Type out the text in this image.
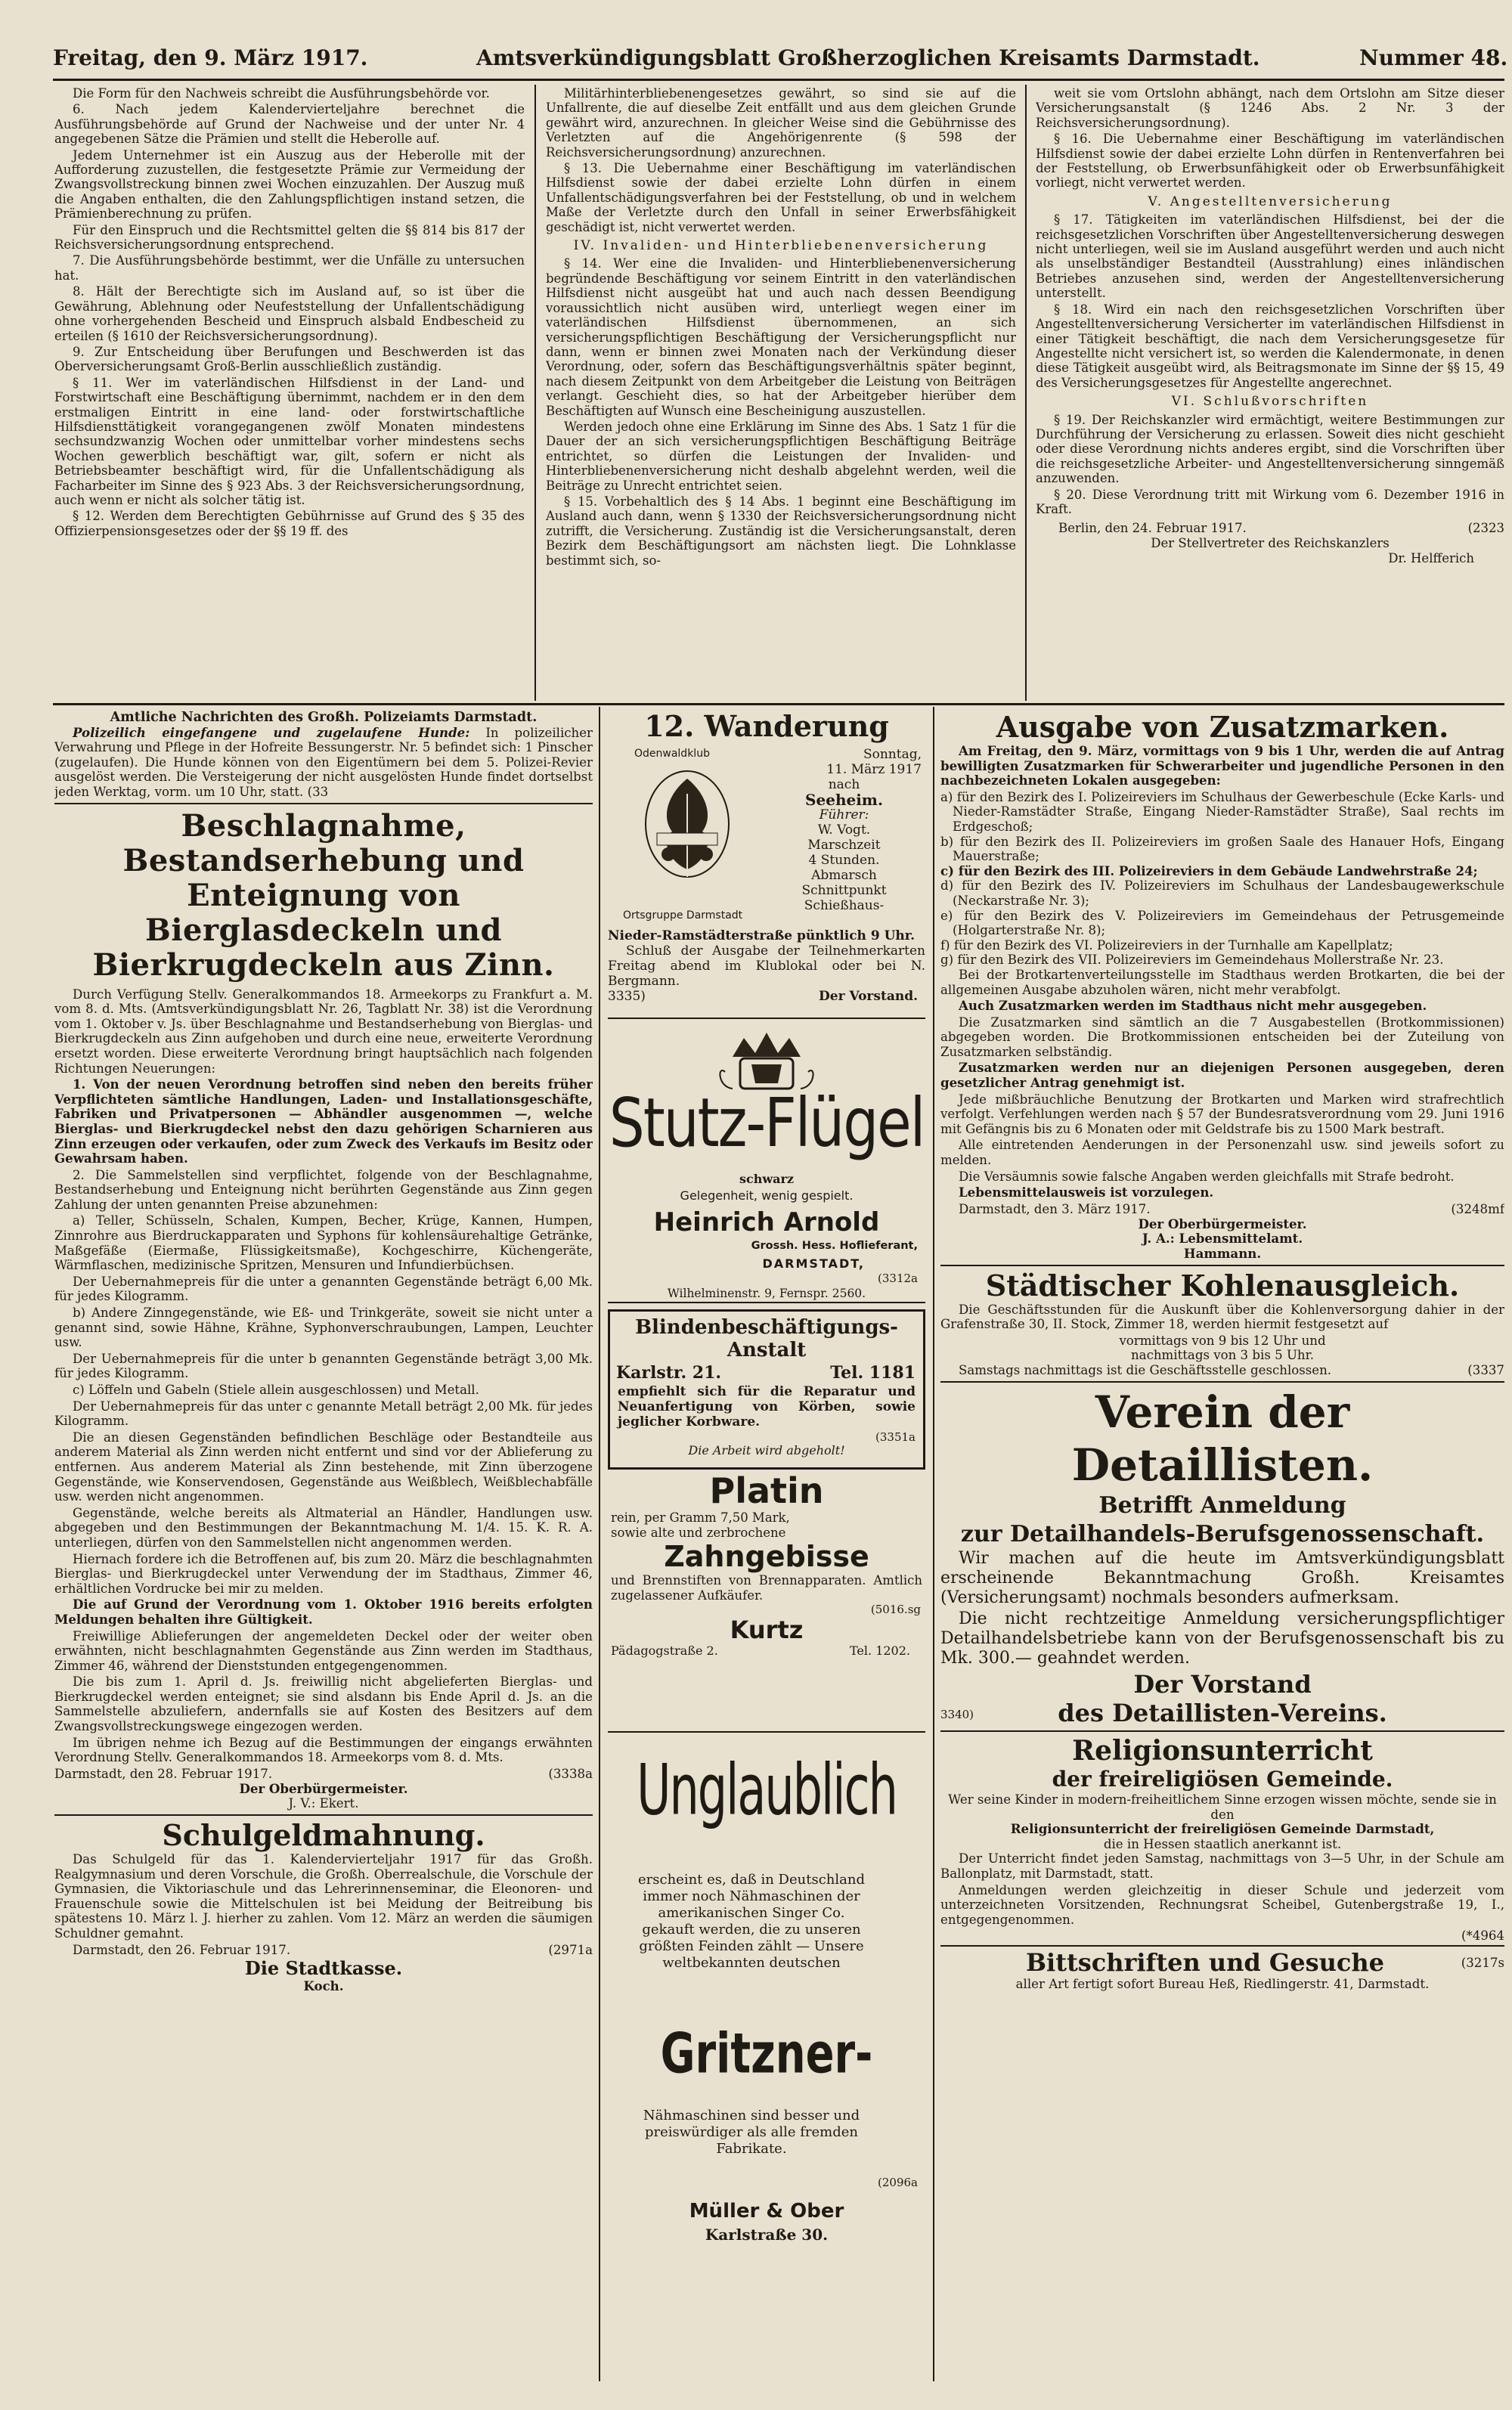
Freitag, den 9. März 1917.	Amtsverkündigungsblatt Großherzoglichen Kreisamts Darmstadt.	Nummer 48.

Die Form für den Nachweis schreibt die Ausführungsbehörde vor.

6. Nach jedem Kalendervierteljahre berechnet die Ausführungsbehörde auf Grund der Nachweise und der unter Nr. 4 angegebenen Sätze die Prämien und stellt die Heberolle auf.

Jedem Unternehmer ist ein Auszug aus der Heberolle mit der Aufforderung zuzustellen, die festgesetzte Prämie zur Vermeidung der Zwangsvollstreckung binnen zwei Wochen einzuzahlen. Der Auszug muß die Angaben enthalten, die den Zahlungspflichtigen instand setzen, die Prämienberechnung zu prüfen.

Für den Einspruch und die Rechtsmittel gelten die §§ 814 bis 817 der Reichsversicherungsordnung entsprechend.

7. Die Ausführungsbehörde bestimmt, wer die Unfälle zu untersuchen hat.

8. Hält der Berechtigte sich im Ausland auf, so ist über die Gewährung, Ablehnung oder Neufeststellung der Unfallentschädigung ohne vorhergehenden Bescheid und Einspruch alsbald Endbescheid zu erteilen (§ 1610 der Reichsversicherungsordnung).

9. Zur Entscheidung über Berufungen und Beschwerden ist das Oberversicherungsamt Groß-Berlin ausschließlich zuständig.

§ 11. Wer im vaterländischen Hilfsdienst in der Land- und Forstwirtschaft eine Beschäftigung übernimmt, nachdem er in den dem erstmaligen Eintritt in eine land- oder forstwirtschaftliche Hilfsdiensttätigkeit vorangegangenen zwölf Monaten mindestens sechsundzwanzig Wochen oder unmittelbar vorher mindestens sechs Wochen gewerblich beschäftigt war, gilt, sofern er nicht als Betriebsbeamter beschäftigt wird, für die Unfallentschädigung als Facharbeiter im Sinne des § 923 Abs. 3 der Reichsversicherungsordnung, auch wenn er nicht als solcher tätig ist.

§ 12. Werden dem Berechtigten Gebührnisse auf Grund des § 35 des Offizierpensionsgesetzes oder der §§ 19 ff. des

Militärhinterbliebenengesetzes gewährt, so sind sie auf die Unfallrente, die auf dieselbe Zeit entfällt und aus dem gleichen Grunde gewährt wird, anzurechnen. In gleicher Weise sind die Gebührnisse des Verletzten auf die Angehörigenrente (§ 598 der Reichsversicherungsordnung) anzurechnen.

§ 13. Die Uebernahme einer Beschäftigung im vaterländischen Hilfsdienst sowie der dabei erzielte Lohn dürfen in einem Unfallentschädigungsverfahren bei der Feststellung, ob und in welchem Maße der Verletzte durch den Unfall in seiner Erwerbsfähigkeit geschädigt ist, nicht verwertet werden.

IV. Invaliden- und Hinterbliebenenversicherung

§ 14. Wer eine die Invaliden- und Hinterbliebenenversicherung begründende Beschäftigung vor seinem Eintritt in den vaterländischen Hilfsdienst nicht ausgeübt hat und auch nach dessen Beendigung voraussichtlich nicht ausüben wird, unterliegt wegen einer im vaterländischen Hilfsdienst übernommenen, an sich versicherungspflichtigen Beschäftigung der Versicherungspflicht nur dann, wenn er binnen zwei Monaten nach der Verkündung dieser Verordnung, oder, sofern das Beschäftigungsverhältnis später beginnt, nach diesem Zeitpunkt von dem Arbeitgeber die Leistung von Beiträgen verlangt. Geschieht dies, so hat der Arbeitgeber hierüber dem Beschäftigten auf Wunsch eine Bescheinigung auszustellen.

Werden jedoch ohne eine Erklärung im Sinne des Abs. 1 Satz 1 für die Dauer der an sich versicherungspflichtigen Beschäftigung Beiträge entrichtet, so dürfen die Leistungen der Invaliden- und Hinterbliebenenversicherung nicht deshalb abgelehnt werden, weil die Beiträge zu Unrecht entrichtet seien.

§ 15. Vorbehaltlich des § 14 Abs. 1 beginnt eine Beschäftigung im Ausland auch dann, wenn § 1330 der Reichsversicherungsordnung nicht zutrifft, die Versicherung. Zuständig ist die Versicherungsanstalt, deren Bezirk dem Beschäftigungsort am nächsten liegt. Die Lohnklasse bestimmt sich, so-

weit sie vom Ortslohn abhängt, nach dem Ortslohn am Sitze dieser Versicherungsanstalt (§ 1246 Abs. 2 Nr. 3 der Reichsversicherungsordnung).

§ 16. Die Uebernahme einer Beschäftigung im vaterländischen Hilfsdienst sowie der dabei erzielte Lohn dürfen in Rentenverfahren bei der Feststellung, ob Erwerbsunfähigkeit oder ob Erwerbsunfähigkeit vorliegt, nicht verwertet werden.

V. Angestelltenversicherung

§ 17. Tätigkeiten im vaterländischen Hilfsdienst, bei der die reichsgesetzlichen Vorschriften über Angestelltenversicherung deswegen nicht unterliegen, weil sie im Ausland ausgeführt werden und auch nicht als unselbständiger Bestandteil (Ausstrahlung) eines inländischen Betriebes anzusehen sind, werden der Angestelltenversicherung unterstellt.

§ 18. Wird ein nach den reichsgesetzlichen Vorschriften über Angestelltenversicherung Versicherter im vaterländischen Hilfsdienst in einer Tätigkeit beschäftigt, die nach dem Versicherungsgesetze für Angestellte nicht versichert ist, so werden die Kalendermonate, in denen diese Tätigkeit ausgeübt wird, als Beitragsmonate im Sinne der §§ 15, 49 des Versicherungsgesetzes für Angestellte angerechnet.

VI. Schlußvorschriften

§ 19. Der Reichskanzler wird ermächtigt, weitere Bestimmungen zur Durchführung der Versicherung zu erlassen. Soweit dies nicht geschieht oder diese Verordnung nichts anderes ergibt, sind die Vorschriften über die reichsgesetzliche Arbeiter- und Angestelltenversicherung sinngemäß anzuwenden.

§ 20. Diese Verordnung tritt mit Wirkung vom 6. Dezember 1916 in Kraft.

Berlin, den 24. Februar 1917.	(2323
Der Stellvertreter des Reichskanzlers
Dr. Helfferich
Amtliche Nachrichten des Großh. Polizeiamts Darmstadt.

Polizeilich eingefangene und zugelaufene Hunde: In polizeilicher Verwahrung und Pflege in der Hofreite Bessungerstr. Nr. 5 befindet sich: 1 Pinscher (zugelaufen). Die Hunde können von den Eigentümern bei dem 5. Polizei-Revier ausgelöst werden. Die Versteigerung der nicht ausgelösten Hunde findet dortselbst jeden Werktag, vorm. um 10 Uhr, statt. (33

Beschlagnahme, Bestandserhebung und Enteignung von Bierglasdeckeln und Bierkrugdeckeln aus Zinn.

Durch Verfügung Stellv. Generalkommandos 18. Armeekorps zu Frankfurt a. M. vom 8. d. Mts. (Amtsverkündigungsblatt Nr. 26, Tagblatt Nr. 38) ist die Verordnung vom 1. Oktober v. Js. über Beschlagnahme und Bestandserhebung von Bierglas- und Bierkrugdeckeln aus Zinn aufgehoben und durch eine neue, erweiterte Verordnung ersetzt worden. Diese erweiterte Verordnung bringt hauptsächlich nach folgenden Richtungen Neuerungen:

1. Von der neuen Verordnung betroffen sind neben den bereits früher Verpflichteten sämtliche Handlungen, Laden- und Installationsgeschäfte, Fabriken und Privatpersonen — Abhändler ausgenommen —, welche Bierglas- und Bierkrugdeckel nebst den dazu gehörigen Scharnieren aus Zinn erzeugen oder verkaufen, oder zum Zweck des Verkaufs im Besitz oder Gewahrsam haben.

2. Die Sammelstellen sind verpflichtet, folgende von der Beschlagnahme, Bestandserhebung und Enteignung nicht berührten Gegenstände aus Zinn gegen Zahlung der unten genannten Preise abzunehmen:

a) Teller, Schüsseln, Schalen, Kumpen, Becher, Krüge, Kannen, Humpen, Zinnrohre aus Bierdruckapparaten und Syphons für kohlensäurehaltige Getränke, Maßgefäße (Eiermaße, Flüssigkeitsmaße), Kochgeschirre, Küchengeräte, Wärmflaschen, medizinische Spritzen, Mensuren und Infundierbüchsen.

Der Uebernahmepreis für die unter a genannten Gegenstände beträgt 6,00 Mk. für jedes Kilogramm.

b) Andere Zinngegenstände, wie Eß- und Trinkgeräte, soweit sie nicht unter a genannt sind, sowie Hähne, Krähne, Syphonverschraubungen, Lampen, Leuchter usw.

Der Uebernahmepreis für die unter b genannten Gegenstände beträgt 3,00 Mk. für jedes Kilogramm.

c) Löffeln und Gabeln (Stiele allein ausgeschlossen) und Metall.

Der Uebernahmepreis für das unter c genannte Metall beträgt 2,00 Mk. für jedes Kilogramm.

Die an diesen Gegenständen befindlichen Beschläge oder Bestandteile aus anderem Material als Zinn werden nicht entfernt und sind vor der Ablieferung zu entfernen. Aus anderem Material als Zinn bestehende, mit Zinn überzogene Gegenstände, wie Konservendosen, Gegenstände aus Weißblech, Weißblechabfälle usw. werden nicht angenommen.

Gegenstände, welche bereits als Altmaterial an Händler, Handlungen usw. abgegeben und den Bestimmungen der Bekanntmachung M. 1/4. 15. K. R. A. unterliegen, dürfen von den Sammelstellen nicht angenommen werden.

Hiernach fordere ich die Betroffenen auf, bis zum 20. März die beschlagnahmten Bierglas- und Bierkrugdeckel unter Verwendung der im Stadthaus, Zimmer 46, erhältlichen Vordrucke bei mir zu melden.

Die auf Grund der Verordnung vom 1. Oktober 1916 bereits erfolgten Meldungen behalten ihre Gültigkeit.

Freiwillige Ablieferungen der angemeldeten Deckel oder der weiter oben erwähnten, nicht beschlagnahmten Gegenstände aus Zinn werden im Stadthaus, Zimmer 46, während der Dienststunden entgegengenommen.

Die bis zum 1. April d. Js. freiwillig nicht abgelieferten Bierglas- und Bierkrugdeckel werden enteignet; sie sind alsdann bis Ende April d. Js. an die Sammelstelle abzuliefern, andernfalls sie auf Kosten des Besitzers auf dem Zwangsvollstreckungswege eingezogen werden.

Im übrigen nehme ich Bezug auf die Bestimmungen der eingangs erwähnten Verordnung Stellv. Generalkommandos 18. Armeekorps vom 8. d. Mts.

Darmstadt, den 28. Februar 1917.	(3338a
Der Oberbürgermeister.
J. V.: Ekert.
Schulgeldmahnung.

Das Schulgeld für das 1. Kalendervierteljahr 1917 für das Großh. Realgymnasium und deren Vorschule, die Großh. Oberrealschule, die Vorschule der Gymnasien, die Viktoriaschule und das Lehrerinnenseminar, die Eleonoren- und Frauenschule sowie die Mittelschulen ist bei Meidung der Beitreibung bis spätestens 10. März l. J. hierher zu zahlen. Vom 12. März an werden die säumigen Schuldner gemahnt.

Darmstadt, den 26. Februar 1917.	(2971a
Die Stadtkasse.
Koch.
12. Wanderung
Odenwaldklub
Ortsgruppe Darmstadt
Sonntag,
11. März 1917
nach
Seeheim.
Führer:
W. Vogt.
Marschzeit
4 Stunden.
Abmarsch
Schnittpunkt
Schießhaus-
Nieder-Ramstädterstraße pünktlich 9 Uhr.

Schluß der Ausgabe der Teilnehmerkarten Freitag abend im Klublokal oder bei N. Bergmann.

3335)	Der Vorstand.
Stutz-Flügel
schwarz
Gelegenheit, wenig gespielt.
Heinrich Arnold
Grossh. Hess. Hoflieferant,
DARMSTADT,
(3312a
Wilhelminenstr. 9, Fernspr. 2560.
Blindenbeschäftigungs-Anstalt
Karlstr. 21.	Tel. 1181
empfiehlt sich für die Reparatur und Neuanfertigung von Körben, sowie jeglicher Korbware.
(3351a
Die Arbeit wird abgeholt!
Platin
rein, per Gramm 7,50 Mark,
sowie alte und zerbrochene
Zahngebisse
und Brennstiften von Brennapparaten. Amtlich zugelassener Aufkäufer.
(5016.sg
Kurtz
Pädagogstraße 2.	Tel. 1202.
Unglaublich
erscheint es, daß in Deutschland immer noch Nähmaschinen der amerikanischen Singer Co. gekauft werden, die zu unseren größten Feinden zählt — Unsere weltbekannten deutschen
Gritzner-
Nähmaschinen sind besser und preiswürdiger als alle fremden Fabrikate.
(2096a
Müller & Ober
Karlstraße 30.
Ausgabe von Zusatzmarken.

Am Freitag, den 9. März, vormittags von 9 bis 1 Uhr, werden die auf Antrag bewilligten Zusatzmarken für Schwerarbeiter und jugendliche Personen in den nachbezeichneten Lokalen ausgegeben:

a) für den Bezirk des I. Polizeireviers im Schulhaus der Gewerbeschule (Ecke Karls- und Nieder-Ramstädter Straße, Eingang Nieder-Ramstädter Straße), Saal rechts im Erdgeschoß;
b) für den Bezirk des II. Polizeireviers im großen Saale des Hanauer Hofs, Eingang Mauerstraße;
c) für den Bezirk des III. Polizeireviers in dem Gebäude Landwehrstraße 24;
d) für den Bezirk des IV. Polizeireviers im Schulhaus der Landesbaugewerkschule (Neckarstraße Nr. 3);
e) für den Bezirk des V. Polizeireviers im Gemeindehaus der Petrusgemeinde (Holgarterstraße Nr. 8);
f) für den Bezirk des VI. Polizeireviers in der Turnhalle am Kapellplatz;
g) für den Bezirk des VII. Polizeireviers im Gemeindehaus Mollerstraße Nr. 23.

Bei der Brotkartenverteilungsstelle im Stadthaus werden Brotkarten, die bei der allgemeinen Ausgabe abzuholen wären, nicht mehr verabfolgt.

Auch Zusatzmarken werden im Stadthaus nicht mehr ausgegeben.

Die Zusatzmarken sind sämtlich an die 7 Ausgabestellen (Brotkommissionen) abgegeben worden. Die Brotkommissionen entscheiden bei der Zuteilung von Zusatzmarken selbständig.

Zusatzmarken werden nur an diejenigen Personen ausgegeben, deren gesetzlicher Antrag genehmigt ist.

Jede mißbräuchliche Benutzung der Brotkarten und Marken wird strafrechtlich verfolgt. Verfehlungen werden nach § 57 der Bundesratsverordnung vom 29. Juni 1916 mit Gefängnis bis zu 6 Monaten oder mit Geldstrafe bis zu 1500 Mark bestraft.

Alle eintretenden Aenderungen in der Personenzahl usw. sind jeweils sofort zu melden.

Die Versäumnis sowie falsche Angaben werden gleichfalls mit Strafe bedroht.

Lebensmittelausweis ist vorzulegen.

Darmstadt, den 3. März 1917.	(3248mf
Der Oberbürgermeister.
J. A.: Lebensmittelamt.
Hammann.
Städtischer Kohlenausgleich.

Die Geschäftsstunden für die Auskunft über die Kohlenversorgung dahier in der Grafenstraße 30, II. Stock, Zimmer 18, werden hiermit festgesetzt auf

vormittags von 9 bis 12 Uhr und
nachmittags von 3 bis 5 Uhr.
Samstags nachmittags ist die Geschäftsstelle geschlossen.	(3337
Verein der Detaillisten.
Betrifft Anmeldung
zur Detailhandels-Berufsgenossenschaft.

Wir machen auf die heute im Amtsverkündigungsblatt erscheinende Bekanntmachung Großh. Kreisamtes (Versicherungsamt) nochmals besonders aufmerksam.

Die nicht rechtzeitige Anmeldung versicherungspflichtiger Detailhandelsbetriebe kann von der Berufsgenossenschaft bis zu Mk. 300.— geahndet werden.

Der Vorstand
3340)	des Detaillisten-Vereins.
Religionsunterricht
der freireligiösen Gemeinde.
Wer seine Kinder in modern-freiheitlichem Sinne erzogen wissen möchte, sende sie in den
Religionsunterricht der freireligiösen Gemeinde Darmstadt,
die in Hessen staatlich anerkannt ist.

Der Unterricht findet jeden Samstag, nachmittags von 3—5 Uhr, in der Schule am Ballonplatz, mit Darmstadt, statt.

Anmeldungen werden gleichzeitig in dieser Schule und jederzeit vom unterzeichneten Vorsitzenden, Rechnungsrat Scheibel, Gutenbergstraße 19, I., entgegengenommen.

(*4964
Bittschriften und Gesuche	(3217s
aller Art fertigt sofort Bureau Heß, Riedlingerstr. 41, Darmstadt.
